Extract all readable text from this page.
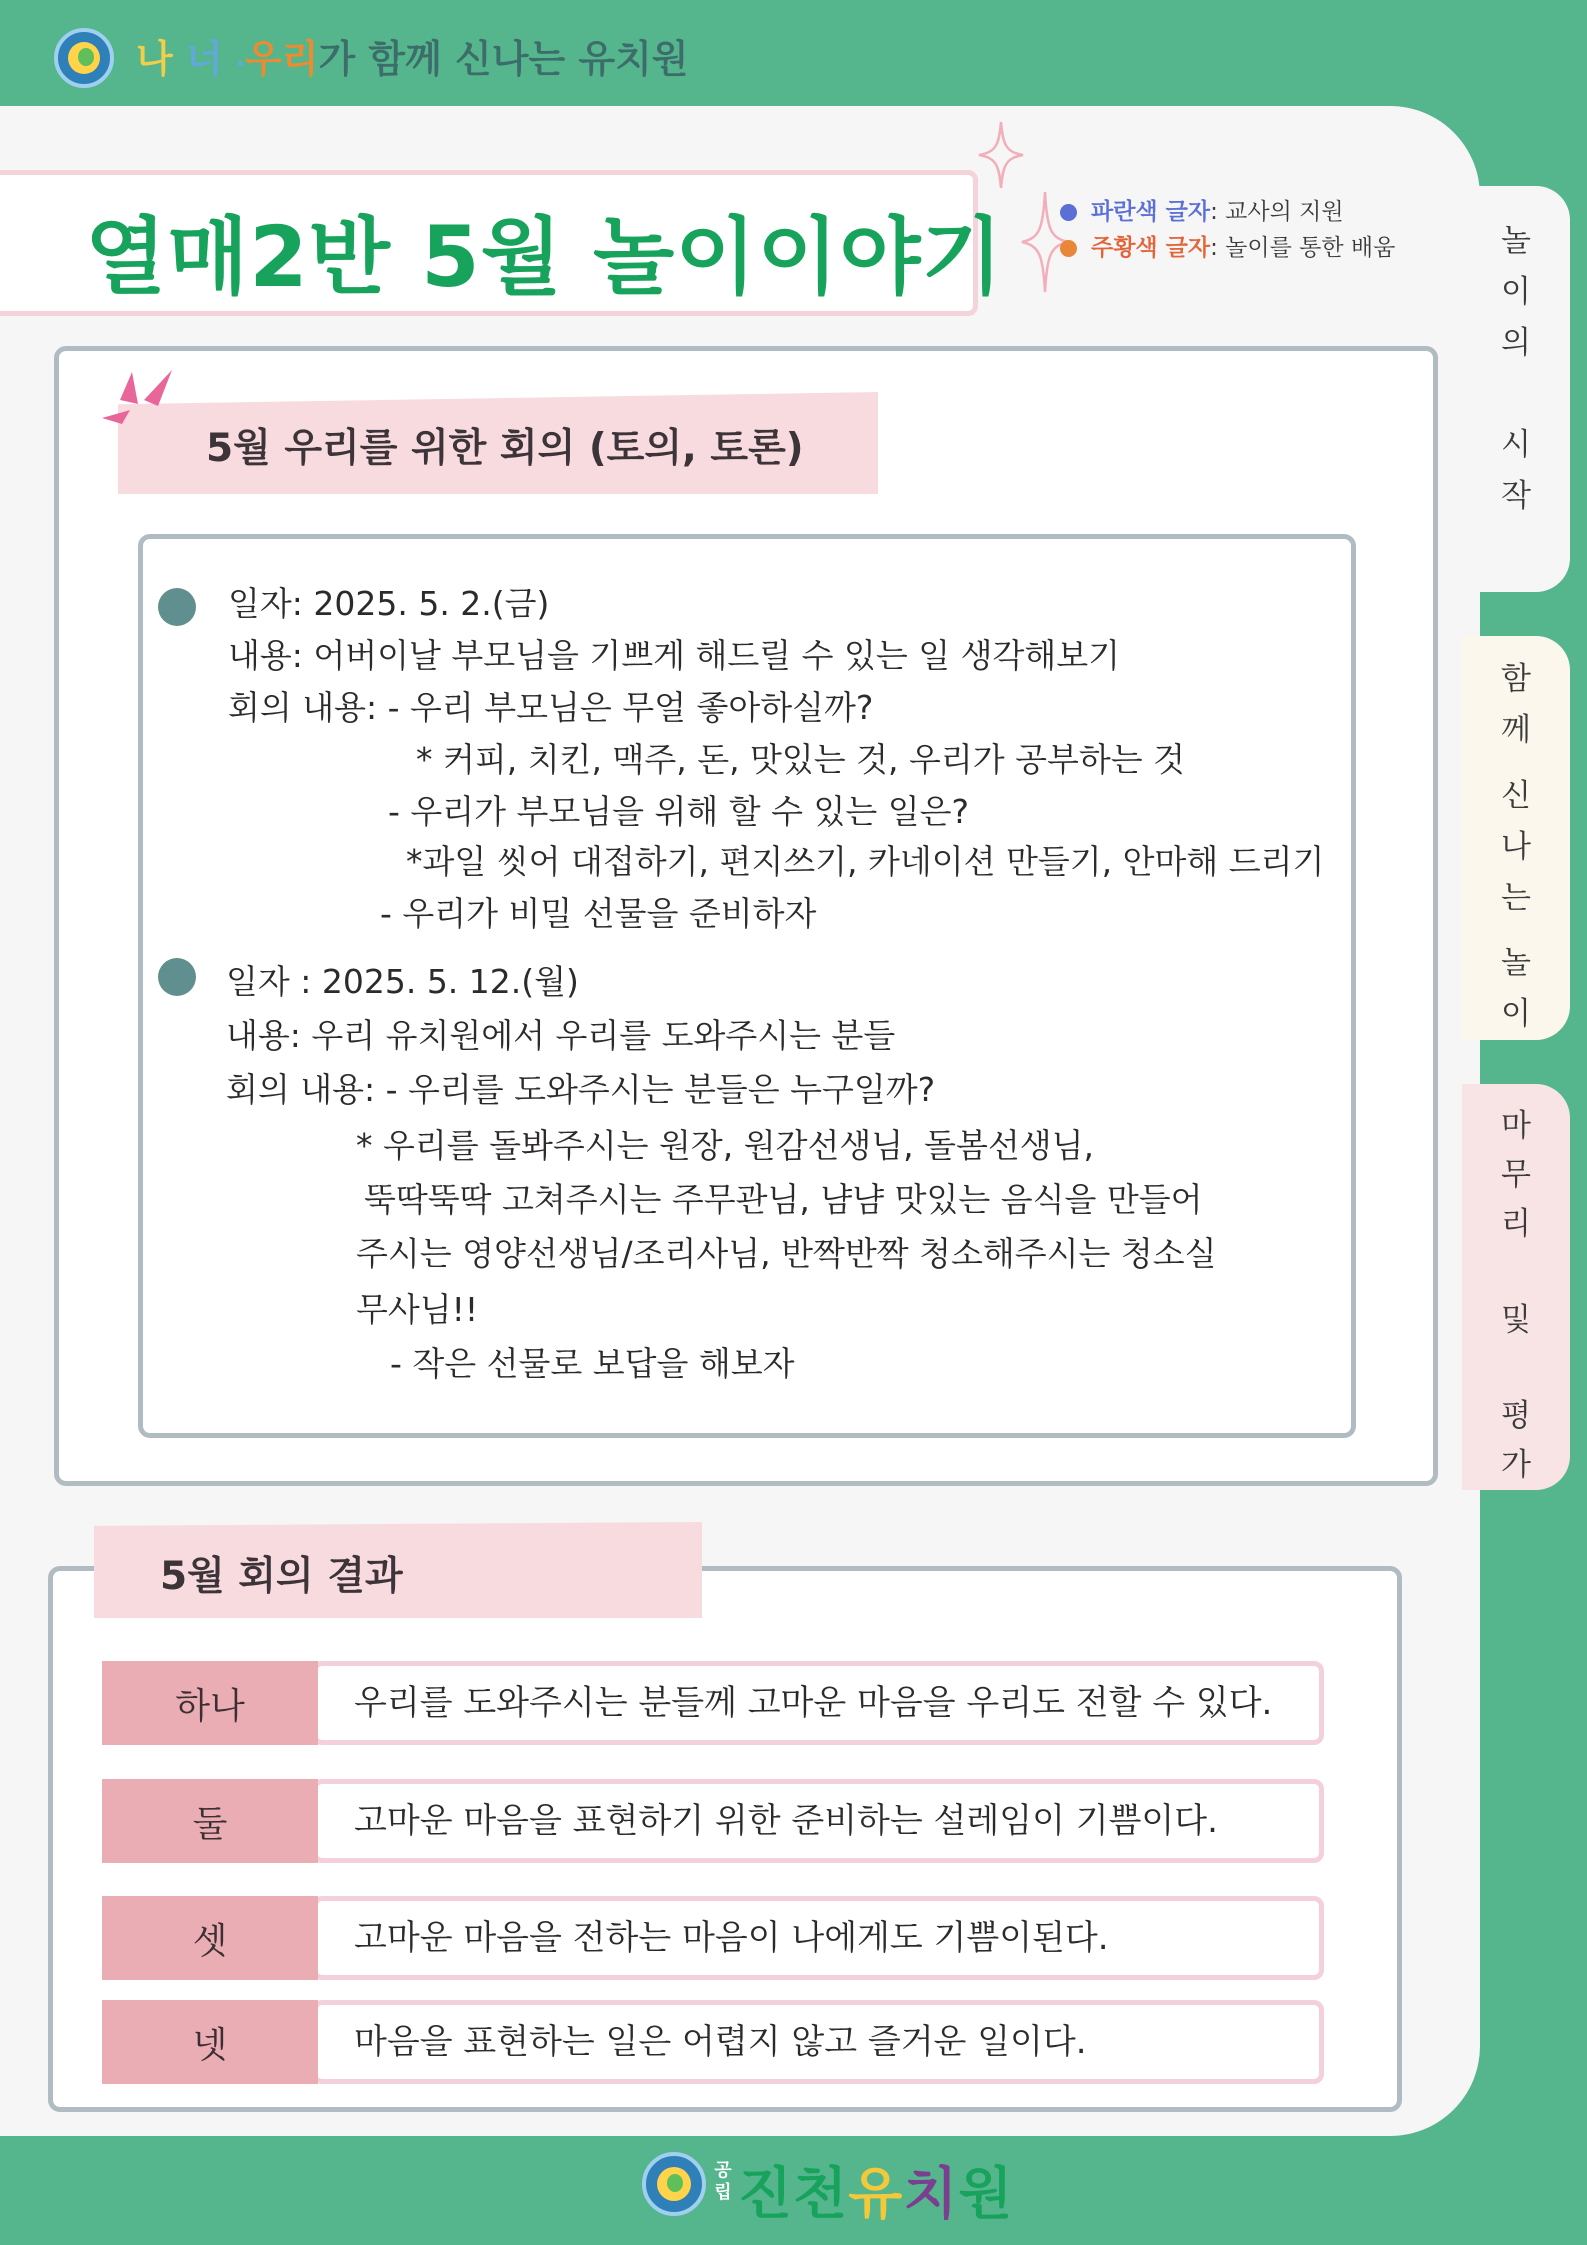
나 너 ·우리가 함께 신나는 유치원
놀
이
의
시
작
함
께
신
나
는
놀
이
마
무
리
및
평
가
열매2반 5월 놀이이야기	파란색 글자 : 교사의 지원
주황색 글자 : 놀이를 통한 배움
5월 우리를 위한 회의 (토의, 토론)
일자: 2025. 5. 2.(금)
내용: 어버이날 부모님을 기쁘게 해드릴 수 있는 일 생각해보기
회의 내용: - 우리 부모님은 무얼 좋아하실까?
* 커피, 치킨, 맥주, 돈, 맛있는 것, 우리가 공부하는 것
- 우리가 부모님을 위해 할 수 있는 일은?
*과일 씻어 대접하기, 편지쓰기, 카네이션 만들기, 안마해 드리기
- 우리가 비밀 선물을 준비하자
일자 : 2025. 5. 12.(월)
내용: 우리 유치원에서 우리를 도와주시는 분들
회의 내용: - 우리를 도와주시는 분들은 누구일까?
* 우리를 돌봐주시는 원장, 원감선생님, 돌봄선생님,
뚝딱뚝딱 고쳐주시는 주무관님, 냠냠 맛있는 음식을 만들어
주시는 영양선생님/조리사님, 반짝반짝 청소해주시는 청소실
무사님!!
- 작은 선물로 보답을 해보자
5월 회의 결과
하나	우리를 도와주시는 분들께 고마운 마음을 우리도 전할 수 있다.
둘	고마운 마음을 표현하기 위한 준비하는 설레임이 기쁨이다.
셋	고마운 마음을 전하는 마음이 나에게도 기쁨이된다.
넷	마음을 표현하는 일은 어렵지 않고 즐거운 일이다.
공립 진천유치원
